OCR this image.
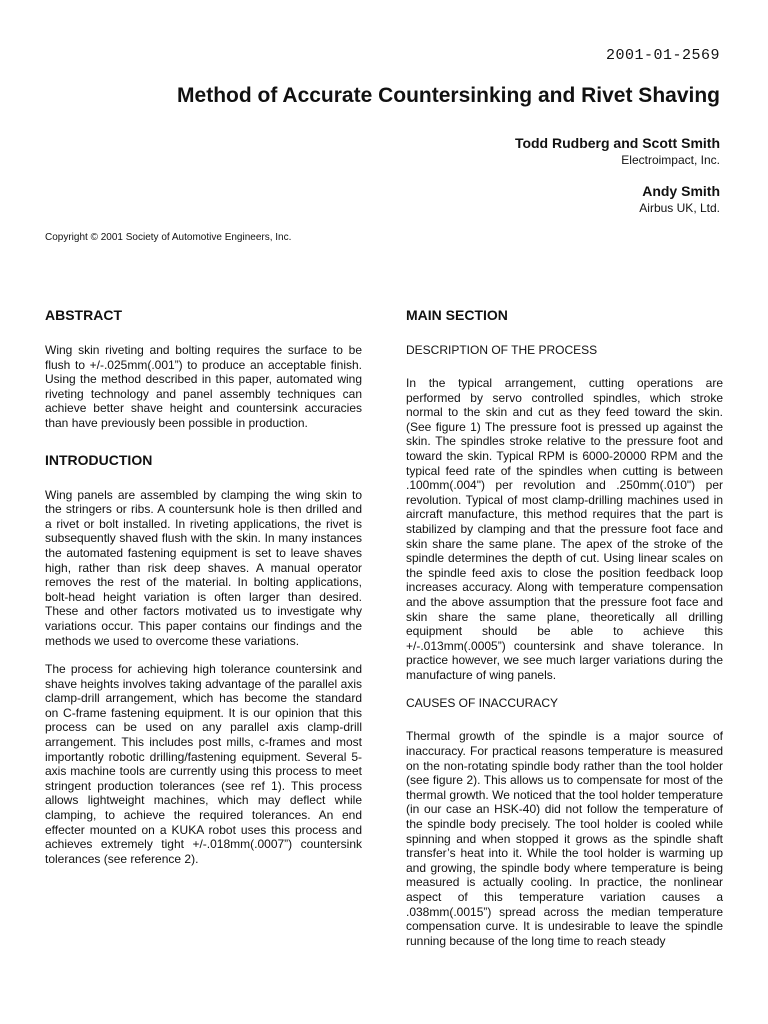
2001-01-2569
Method of Accurate Countersinking and Rivet Shaving
Todd Rudberg and Scott Smith
Electroimpact, Inc.
Andy Smith
Airbus UK, Ltd.
Copyright © 2001 Society of Automotive Engineers, Inc.
ABSTRACT

Wing skin riveting and bolting requires the surface to be flush to +/-.025mm(.001”) to produce an acceptable finish. Using the method described in this paper, automated wing riveting technology and panel assembly techniques can achieve better shave height and countersink accuracies than have previously been possible in production.

INTRODUCTION

Wing panels are assembled by clamping the wing skin to the stringers or ribs. A countersunk hole is then drilled and a rivet or bolt installed. In riveting applications, the rivet is subsequently shaved flush with the skin. In many instances the automated fastening equipment is set to leave shaves high, rather than risk deep shaves. A manual operator removes the rest of the material. In bolting applications, bolt-head height variation is often larger than desired. These and other factors motivated us to investigate why variations occur. This paper contains our findings and the methods we used to overcome these variations.

The process for achieving high tolerance countersink and shave heights involves taking advantage of the parallel axis clamp-drill arrangement, which has become the standard on C-frame fastening equipment. It is our opinion that this process can be used on any parallel axis clamp-drill arrangement. This includes post mills, c-frames and most importantly robotic drilling/fastening equipment. Several 5-axis machine tools are currently using this process to meet stringent production tolerances (see ref 1). This process allows lightweight machines, which may deflect while clamping, to achieve the required tolerances. An end effecter mounted on a KUKA robot uses this process and achieves extremely tight +/-.018mm(.0007”) countersink tolerances (see reference 2).

MAIN SECTION
DESCRIPTION OF THE PROCESS

In the typical arrangement, cutting operations are performed by servo controlled spindles, which stroke normal to the skin and cut as they feed toward the skin. (See figure 1) The pressure foot is pressed up against the skin. The spindles stroke relative to the pressure foot and toward the skin. Typical RPM is 6000-20000 RPM and the typical feed rate of the spindles when cutting is between .100mm(.004") per revolution and .250mm(.010") per revolution. Typical of most clamp-drilling machines used in aircraft manufacture, this method requires that the part is stabilized by clamping and that the pressure foot face and skin share the same plane. The apex of the stroke of the spindle determines the depth of cut. Using linear scales on the spindle feed axis to close the position feedback loop increases accuracy. Along with temperature compensation and the above assumption that the pressure foot face and skin share the same plane, theoretically all drilling equipment should be able to achieve this +/-.013mm(.0005”) countersink and shave tolerance. In practice however, we see much larger variations during the manufacture of wing panels.

CAUSES OF INACCURACY

Thermal growth of the spindle is a major source of inaccuracy. For practical reasons temperature is measured on the non-rotating spindle body rather than the tool holder (see figure 2). This allows us to compensate for most of the thermal growth. We noticed that the tool holder temperature (in our case an HSK-40) did not follow the temperature of the spindle body precisely. The tool holder is cooled while spinning and when stopped it grows as the spindle shaft transfer’s heat into it. While the tool holder is warming up and growing, the spindle body where temperature is being measured is actually cooling. In practice, the nonlinear aspect of this temperature variation causes a .038mm(.0015”) spread across the median temperature compensation curve. It is undesirable to leave the spindle running because of the long time to reach steady
